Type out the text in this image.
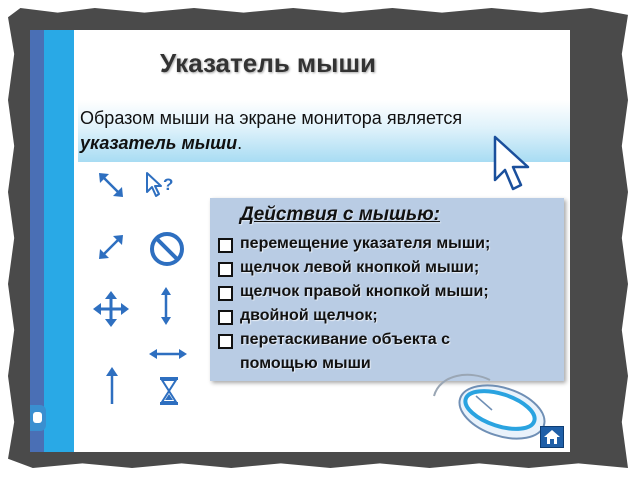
Указатель мыши
Образом мыши на экране монитора является
указатель мыши.
?
Действия с мышью:
перемещение указателя мыши;
щелчок левой кнопкой мыши;
щелчок правой кнопкой мыши;
двойной щелчок;
перетаскивание объекта с
помощью мыши
